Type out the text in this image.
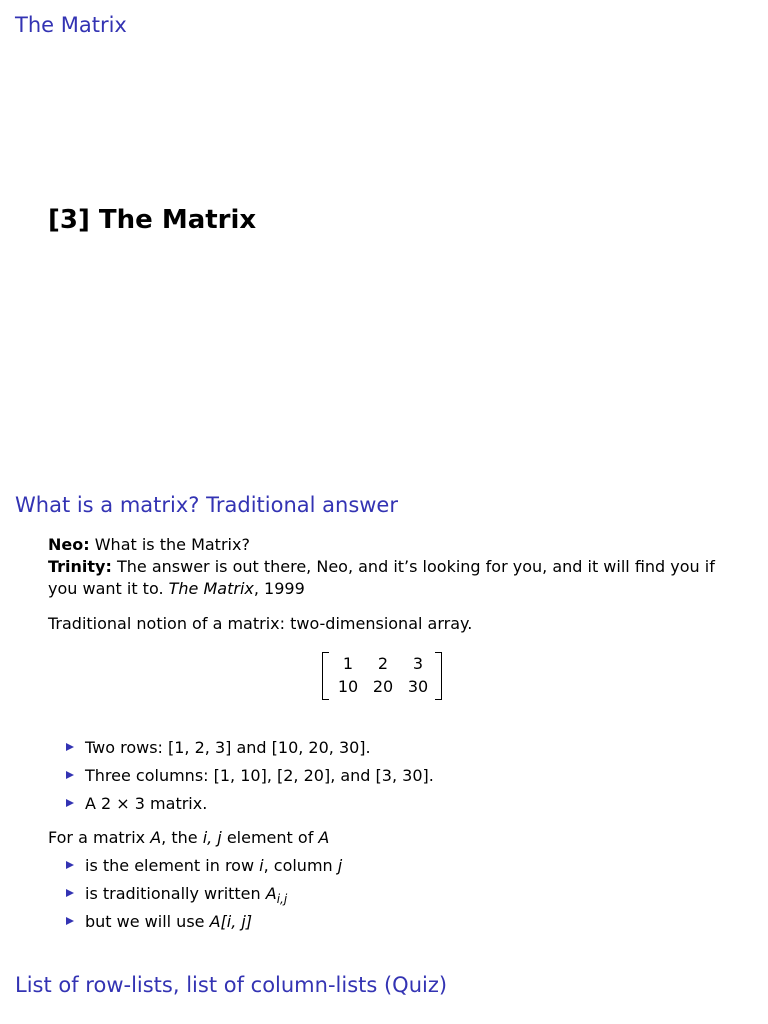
The Matrix
[3] The Matrix
What is a matrix? Traditional answer
Neo: What is the Matrix?
Trinity: The answer is out there, Neo, and it’s looking for you, and it will find you if you want it to. The Matrix, 1999
Traditional notion of a matrix: two-dimensional array.
1	2	3
10 20 30
Two rows: [1, 2, 3] and [10, 20, 30].
Three columns: [1, 10], [2, 20], and [3, 30].
A 2 × 3 matrix.
For a matrix A, the i, j element of A
is the element in row i, column j
is traditionally written $A_{i,j}$
but we will use A[i, j]
List of row-lists, list of column-lists (Quiz)
